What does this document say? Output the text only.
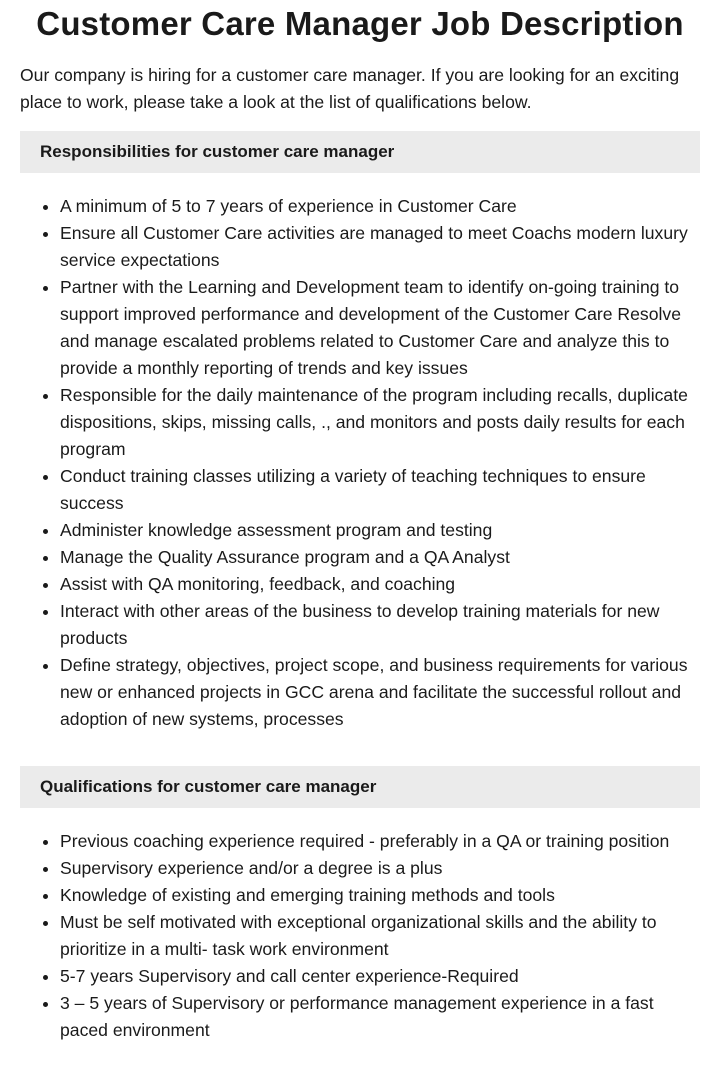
Customer Care Manager Job Description

Our company is hiring for a customer care manager. If you are looking for an exciting place to work, please take a look at the list of qualifications below.

Responsibilities for customer care manager
A minimum of 5 to 7 years of experience in Customer Care
Ensure all Customer Care activities are managed to meet Coachs modern luxury service expectations
Partner with the Learning and Development team to identify on-going training to support improved performance and development of the Customer Care Resolve and manage escalated problems related to Customer Care and analyze this to provide a monthly reporting of trends and key issues
Responsible for the daily maintenance of the program including recalls, duplicate dispositions, skips, missing calls, ., and monitors and posts daily results for each program
Conduct training classes utilizing a variety of teaching techniques to ensure success
Administer knowledge assessment program and testing
Manage the Quality Assurance program and a QA Analyst
Assist with QA monitoring, feedback, and coaching
Interact with other areas of the business to develop training materials for new products
Define strategy, objectives, project scope, and business requirements for various new or enhanced projects in GCC arena and facilitate the successful rollout and adoption of new systems, processes
Qualifications for customer care manager
Previous coaching experience required - preferably in a QA or training position
Supervisory experience and/or a degree is a plus
Knowledge of existing and emerging training methods and tools
Must be self motivated with exceptional organizational skills and the ability to prioritize in a multi- task work environment
5-7 years Supervisory and call center experience-Required
3 – 5 years of Supervisory or performance management experience in a fast paced environment
